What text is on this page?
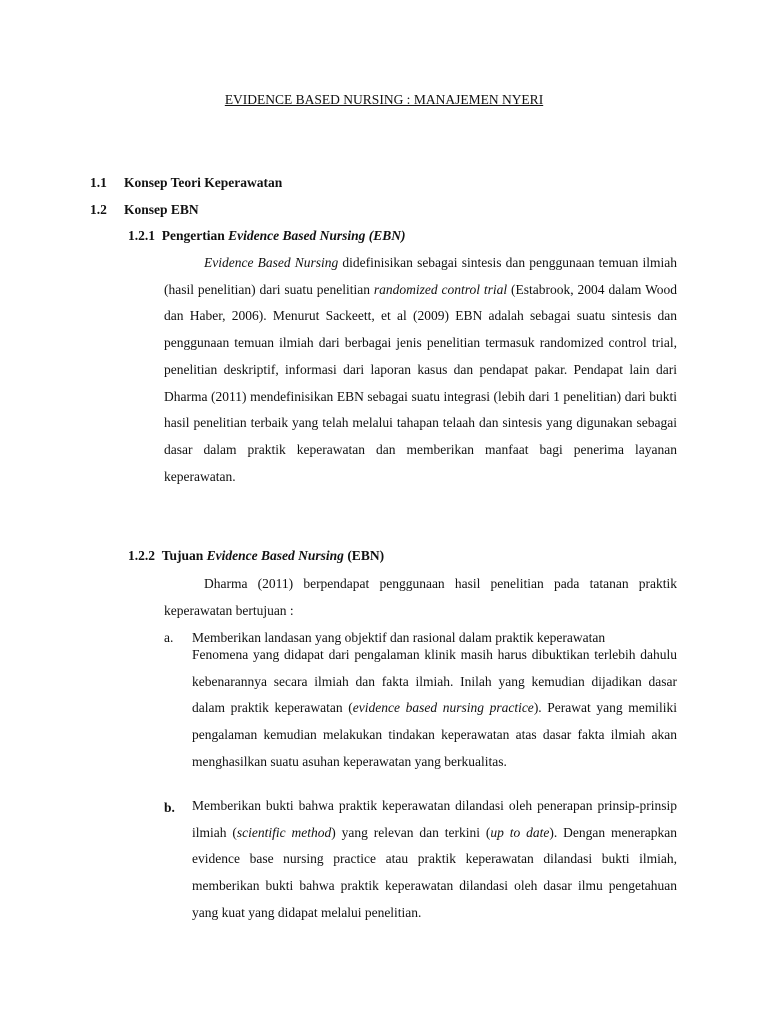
EVIDENCE BASED NURSING : MANAJEMEN NYERI
1.1 Konsep Teori Keperawatan
1.2 Konsep EBN
1.2.1 Pengertian Evidence Based Nursing (EBN)

Evidence Based Nursing didefinisikan sebagai sintesis dan penggunaan temuan ilmiah (hasil penelitian) dari suatu penelitian randomized control trial (Estabrook, 2004 dalam Wood dan Haber, 2006). Menurut Sackeett, et al (2009) EBN adalah sebagai suatu sintesis dan penggunaan temuan ilmiah dari berbagai jenis penelitian termasuk randomized control trial, penelitian deskriptif, informasi dari laporan kasus dan pendapat pakar. Pendapat lain dari Dharma (2011) mendefinisikan EBN sebagai suatu integrasi (lebih dari 1 penelitian) dari bukti hasil penelitian terbaik yang telah melalui tahapan telaah dan sintesis yang digunakan sebagai dasar dalam praktik keperawatan dan memberikan manfaat bagi penerima layanan keperawatan.

1.2.2 Tujuan Evidence Based Nursing (EBN)

Dharma (2011) berpendapat penggunaan hasil penelitian pada tatanan praktik keperawatan bertujuan :

a. Memberikan landasan yang objektif dan rasional dalam praktik keperawatan

Fenomena yang didapat dari pengalaman klinik masih harus dibuktikan terlebih dahulu kebenarannya secara ilmiah dan fakta ilmiah. Inilah yang kemudian dijadikan dasar dalam praktik keperawatan (evidence based nursing practice). Perawat yang memiliki pengalaman kemudian melakukan tindakan keperawatan atas dasar fakta ilmiah akan menghasilkan suatu asuhan keperawatan yang berkualitas.

b. Memberikan bukti bahwa praktik keperawatan dilandasi oleh penerapan prinsip-prinsip ilmiah (scientific method) yang relevan dan terkini (up to date). Dengan menerapkan evidence base nursing practice atau praktik keperawatan dilandasi bukti ilmiah, memberikan bukti bahwa praktik keperawatan dilandasi oleh dasar ilmu pengetahuan yang kuat yang didapat melalui penelitian.
